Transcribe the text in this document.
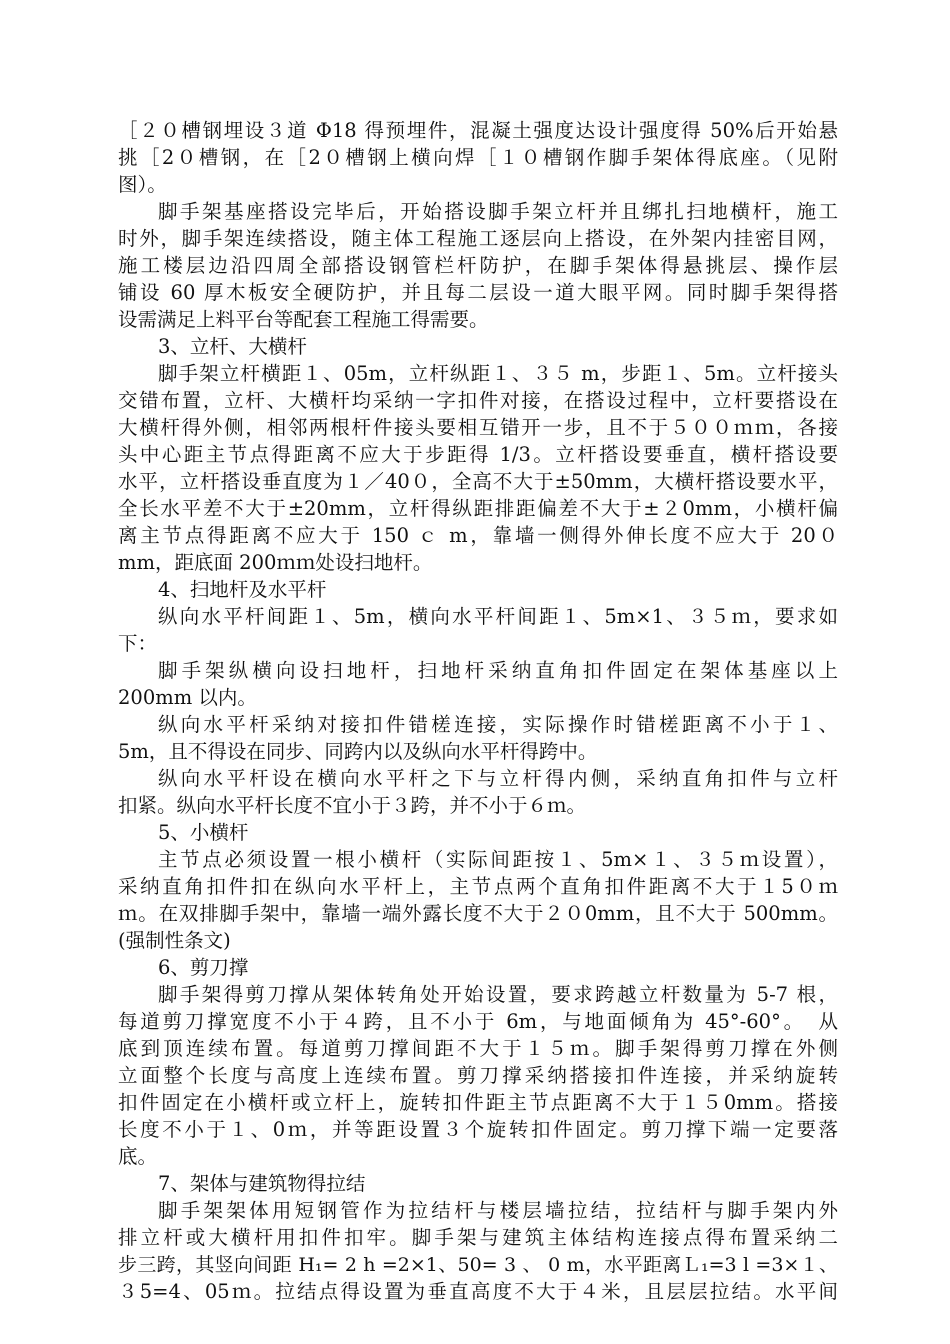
［２０槽钢埋设３道 Φ18 得预埋件，混凝土强度达设计强度得 50%后开始悬
挑［2０槽钢，在［2０槽钢上横向焊［１０槽钢作脚手架体得底座。（见附
图）。
脚手架基座搭设完毕后，开始搭设脚手架立杆并且绑扎扫地横杆，施工
时外，脚手架连续搭设，随主体工程施工逐层向上搭设，在外架内挂密目网，
施工楼层边沿四周全部搭设钢管栏杆防护，在脚手架体得悬挑层、操作层
铺设 60 厚木板安全硬防护，并且每二层设一道大眼平网。同时脚手架得搭
设需满足上料平台等配套工程施工得需要。
3、立杆、大横杆
脚手架立杆横距１、05m，立杆纵距１、３５ m，步距１、5m。立杆接头
交错布置，立杆、大横杆均采纳一字扣件对接，在搭设过程中，立杆要搭设在
大横杆得外侧，相邻两根杆件接头要相互错开一步，且不于５００ｍｍ，各接
头中心距主节点得距离不应大于步距得 1/3。立杆搭设要垂直，横杆搭设要
水平，立杆搭设垂直度为１／40０，全高不大于±50mm，大横杆搭设要水平，
全长水平差不大于±20mm，立杆得纵距排距偏差不大于±２0mm，小横杆偏
离主节点得距离不应大于 150 ｃ m，靠墙一侧得外伸长度不应大于 20０
mm，距底面 200ｍｍ处设扫地杆。
4、扫地杆及水平杆
纵向水平杆间距１、5m，横向水平杆间距１、5m×1、３５ｍ，要求如
下：
脚手架纵横向设扫地杆，扫地杆采纳直角扣件固定在架体基座以上
200mm 以内。
纵向水平杆采纳对接扣件错槎连接，实际操作时错槎距离不小于１、
5m，且不得设在同步、同跨内以及纵向水平杆得跨中。
纵向水平杆设在横向水平杆之下与立杆得内侧，采纳直角扣件与立杆
扣紧。纵向水平杆长度不宜小于３跨，并不小于６ｍ。
5、小横杆
主节点必须设置一根小横杆（实际间距按１、5m×１、３５ｍ设置），
采纳直角扣件扣在纵向水平杆上，主节点两个直角扣件距离不大于１5０ｍ
ｍ。在双排脚手架中，靠墙一端外露长度不大于２０0mm，且不大于 500mm。
(强制性条文)
6、剪刀撑
脚手架得剪刀撑从架体转角处开始设置，要求跨越立杆数量为 5-7 根，
每道剪刀撑宽度不小于４跨，且不小于 6m，与地面倾角为 45°-60°。　从
底到顶连续布置。每道剪刀撑间距不大于１５ｍ。脚手架得剪刀撑在外侧
立面整个长度与高度上连续布置。剪刀撑采纳搭接扣件连接，并采纳旋转
扣件固定在小横杆或立杆上，旋转扣件距主节点距离不大于１５0mm。搭接
长度不小于１、0ｍ，并等距设置３个旋转扣件固定。剪刀撑下端一定要落
底。
7、架体与建筑物得拉结
脚手架架体用短钢管作为拉结杆与楼层墙拉结，拉结杆与脚手架内外
排立杆或大横杆用扣件扣牢。脚手架与建筑主体结构连接点得布置采纳二
步三跨，其竖向间距 H₁= 2 h =2×1、50= 3 、 0 m，水平距离Ｌ₁=3 l =3×１、
３5=4、05ｍ。拉结点得设置为垂直高度不大于４米，且层层拉结。水平间
